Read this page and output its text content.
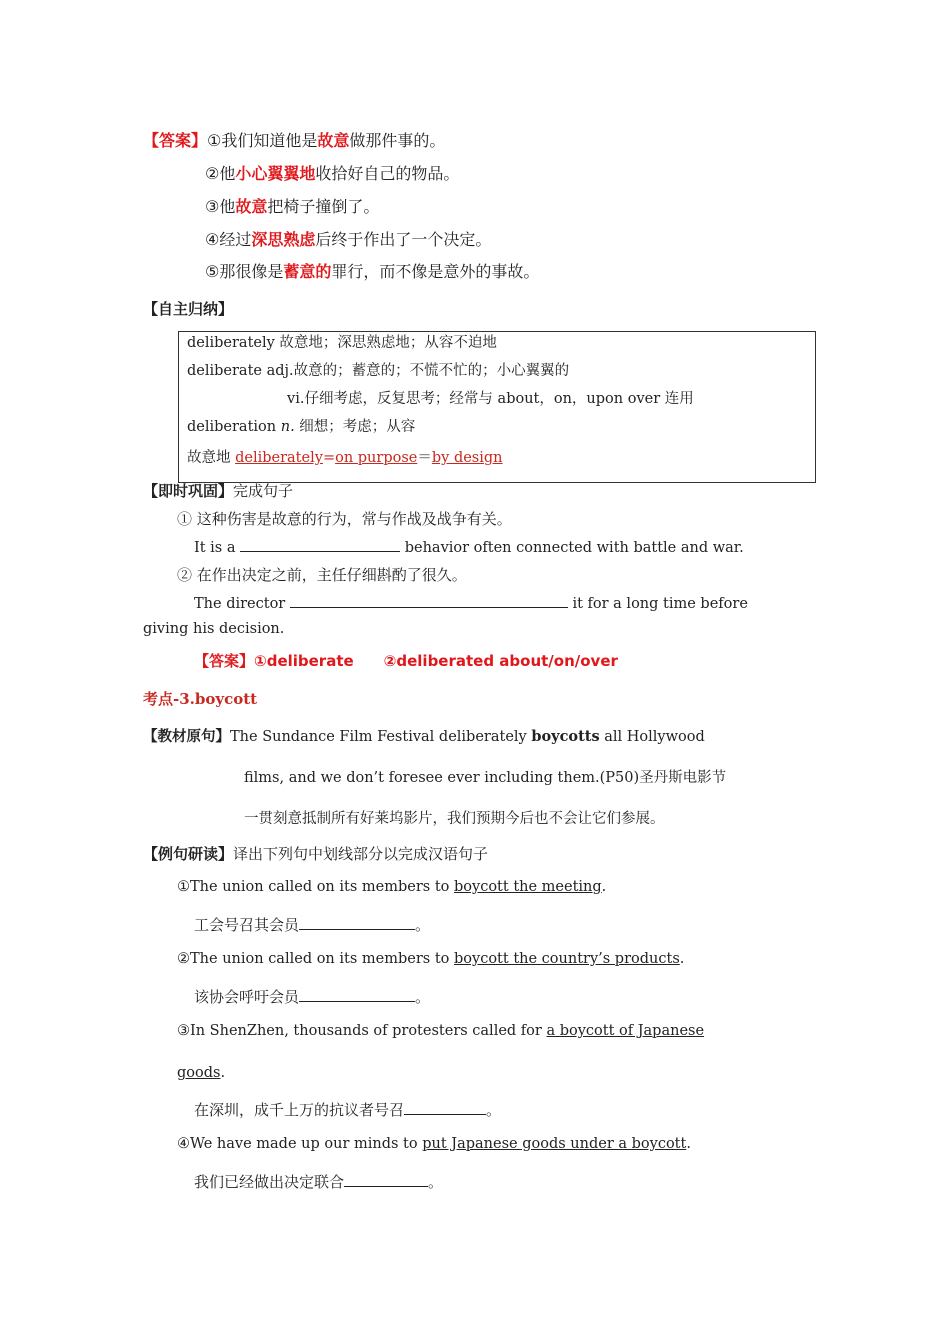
【答案】①我们知道他是故意做那件事的。
②他小心翼翼地收拾好自己的物品。
③他故意把椅子撞倒了。
④经过深思熟虑后终于作出了一个决定。
⑤那很像是蓄意的罪行，而不像是意外的事故。
【自主归纳】
deliberately 故意地；深思熟虑地；从容不迫地
deliberate adj.故意的；蓄意的；不慌不忙的；小心翼翼的
vi.仔细考虑，反复思考；经常与 about，on，upon over 连用
deliberation n. 细想；考虑；从容
故意地 deliberately=on purpose＝by design
【即时巩固】完成句子
① 这种伤害是故意的行为，常与作战及战争有关。
It is a	behavior often connected with battle and war.
② 在作出决定之前，主任仔细斟酌了很久。
The director	it for a long time before
giving his decision.
【答案】①deliberate　　②deliberated about/on/over
考点-3.boycott
【教材原句】The Sundance Film Festival deliberately boycotts all Hollywood
films, and we don’t foresee ever including them.(P50)圣丹斯电影节
一贯刻意抵制所有好莱坞影片，我们预期今后也不会让它们参展。
【例句研读】译出下列句中划线部分以完成汉语句子
①The union called on its members to boycott the meeting.
工会号召其会员	。
②The union called on its members to boycott the country’s products.
该协会呼吁会员	。
③In ShenZhen, thousands of protesters called for a boycott of Japanese
goods.
在深圳，成千上万的抗议者号召	。
④We have made up our minds to put Japanese goods under a boycott.
我们已经做出决定联合	。
